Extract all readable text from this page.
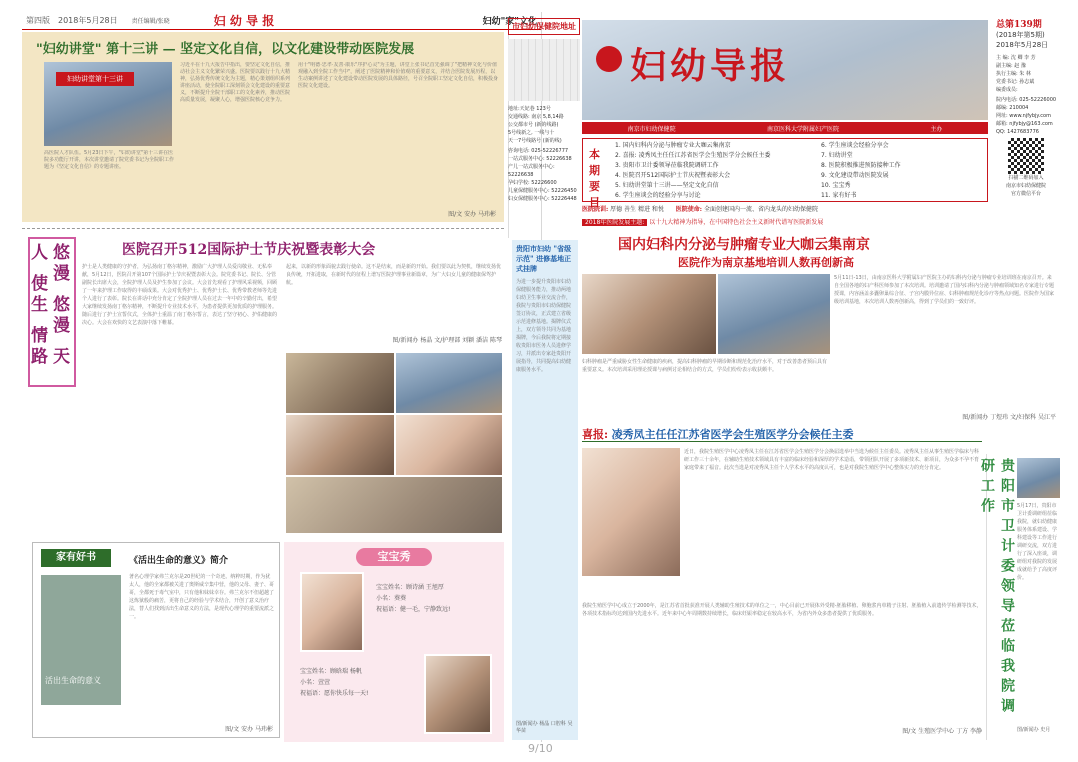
第四版 2018年5月28日 责任编辑/张晓	妇 幼 导 报	妇幼"家"文化
"妇幼讲堂" 第十三讲 — 坚定文化自信，以文化建设带动医院发展
妇幼讲堂第十三讲
习近平在十九大报告中指出，要坚定文化自信，推动社会主义文化繁荣兴盛。医院要以践行十九大精神，弘扬优秀传统文化为主题，精心策划组织系列讲座活动，使全院职工深刻领会文化建设的重要意义，不断提升全院干部职工的文化素养，推动医院高质量发展，凝聚人心，增强医院核心竞争力。
用十"明德·忠孝·友善·康乐"序护心灵"为主题，讲堂上张书记首先强调了"把精神文化与价值观融入到全院工作当中"，阐述了医院精神和价值观的重要意义，并结合医院发展历程，以生动案例讲述了文化建设带动医院发展的具体路径，号召全院职工坚定文化自信，积极投身医院文化建设。
高医院人才队伍。5月23日下午，"妇幼讲堂"第十三讲在医院多功能厅开讲，本次讲堂邀请了院党委书记为全院职工作题为《坚定文化自信》的专题讲座。
图/文 安办 马玮彬
医院召开512国际护士节庆祝暨表彰大会
悠漫 悠漫 天人 使生 情路	护士是人类健康的守护者，为弘扬南丁格尔精神，激励广大护理人员爱岗敬业、无私奉献，5月12日，医院召开第107个国际护士节庆祝暨表彰大会。院党委书记、院长、分管副院长出席大会，全院护理人员及护生参加了会议。大会首先观看了护理风采视频，回顾了一年来护理工作取得的丰硕成果。大会对优秀护士、优秀护士长、优秀带教老师等先进个人进行了表彰。院长在讲话中充分肯定了全院护理人员在过去一年中的辛勤付出，希望大家继续发扬南丁格尔精神，不断提升专业技术水平，为患者提供更加优质的护理服务。随后进行了护士宣誓仪式，全体护士重温了南丁格尔誓言，表达了坚守初心、护佑健康的决心。大会在欢快的文艺表演中落下帷幕。
起来，以新的形象面貌去践行使命。这不是结束，而是新的开始。我们要以此为契机，继续发扬优良传统，开拓进取，在新时代的征程上谱写医院护理事业新篇章，为广大妇女儿童的健康保驾护航。
图/新闻办 杨晶 文/护理部 刘颖 潘洁 陈琴
宝宝秀
宝宝姓名：顾诗涵 王旭厚
小名：葵葵
祝福语：健一毛，宁静致远!
宝宝姓名：顾晗瑞 杨帆
小名：萱萱
祝福语：愿你快乐每一天!
家有好书
活出生命的意义
《活出生命的意义》简介
著名心理学家弗兰克尔是20世纪的一个奇迹。纳粹时期，作为犹太人，他的全家都被关进了奥斯威辛集中营，他的父母、妻子、哥哥，全都死于毒气室中，只有他和妹妹幸存。弗兰克尔不但超越了这炼狱般的痛苦，更将自己的经验与学术结合，开创了意义治疗法，替人们找到活出生命意义的方法，是现代心理学的重要流派之一。
图/文 安办 马玮彬
市妇幼保健院地址
地址:天妃巷 123号
交通线路: 南京 5,8,14路
公交都市号 (新的线路)
5号线新之, 一线与十
天一7号线路号 (新的线)
咨询电话: 025-52226777
一站式服务中心: 52226638
产儿一站式服务中心: 52226638
孕妇学校: 52226600
儿童保健服务中心: 52226450
妇女保健服务中心: 52226448
妇幼导报
总第139期
(2018年第5期)
2018年5月28日
主 编: 沈 卿 李 芳
副主编: 赵 豫
执行主编: 朱 林
党委书记: 孙志斌
编委成员:
院内电话: 025-52226000
邮编: 210004
网址: www.njfybjy.com
邮箱: njfybjy@163.com
QQ: 1427683776
南京市妇幼保健院	南京医科大学附属妇产医院	主办
本期要目
1. 国内妇科内分泌与肿瘤专业大咖云集南京
2. 喜报: 凌秀凤主任任江苏省医学会生殖医学分会候任主委
3. 贵阳市卫计委领导莅临我院调研工作
4. 医院召开512国际护士节庆祝暨表彰大会
5. 妇幼讲堂第十三讲——坚定文化自信
6. 学生座谈会的经验分享与讨论
6. 学生座谈会经验分享会
7. 妇幼讲堂
8. 医院积极推进预防接种工作
9. 文化建设带动医院发展
10. 宝宝秀
11. 家有好书
扫描二维码加入
南京市妇幼保健院
官方微信平台
医院院训: 厚德 善生 精进 和悦 医院使命: 全面创建国内一流、省内龙头的妇幼保健院
2018年医院发展主题: 以十九大精神为指导，在中国特色社会主义新时代谱写医院新发展
国内妇科内分泌与肿瘤专业大咖云集南京
医院作为南京基地培训人数再创新高
5月11日-13日，由南京医科大学附属妇产医院主办的妇科内分泌与肿瘤专业培训班在南京召开。来自全国各地的妇产科医师参加了本次培训。培训邀请了国内妇科内分泌与肿瘤领域知名专家进行专题授课，内容涵盖多囊卵巢综合征、子宫内膜异位症、妇科肿瘤规范化诊疗等热点问题。医院作为国家级培训基地，本次培训人数再创新高，得到了学员们的一致好评。
妇科肿瘤是严重威胁女性生命健康的疾病，提高妇科肿瘤的早期诊断和规范化治疗水平，对于改善患者预后具有重要意义。本次培训采用理论授课与病例讨论相结合的方式，学员们纷纷表示收获颇丰。
图/新闻办 丁煜玮 文/妇保科 吴江平
喜报: 凌秀凤主任任江苏省医学会生殖医学分会候任主委
近日，我院生殖医学中心凌秀凤主任在江苏省医学会生殖医学分会换届选举中当选为候任主任委员。凌秀凤主任从事生殖医学临床与科研工作三十余年，在辅助生殖技术领域具有丰富的临床经验和深厚的学术造诣，带领团队开展了多项新技术、新项目，为众多不孕不育家庭带来了福音。此次当选是对凌秀凤主任个人学术水平的高度认可，也是对我院生殖医学中心整体实力的充分肯定。
我院生殖医学中心成立于2000年，是江苏省首批获准开展人类辅助生殖技术的单位之一，中心目前已开展体外受精-胚胎移植、卵胞浆内单精子注射、胚胎植入前遗传学检测等技术，各项技术指标均达到国内先进水平。近年来中心年周期数持续增长，临床妊娠率稳定在较高水平，为省内外众多患者提供了优质服务。
图/文 生殖医学中心 丁方 李静
贵阳市卫计委领导莅临我院调研工作	5月17日，贵阳市卫计委调研组莅临我院，就妇幼健康服务体系建设、学科建设等工作进行调研交流，双方进行了深入座谈，调研组对我院的发展成就给予了高度评价。
图/新闻办 史月
贵阳市妇幼 "省级示范" 进修基地正式挂牌
为进一步提升贵阳市妇幼保健服务能力，推动两地妇幼卫生事业交流合作，我院与贵阳市妇幼保健院签订协议，正式建立省级示范进修基地。揭牌仪式上，双方领导共同为基地揭牌，今后我院将定期接收贵阳市医务人员进修学习，并派出专家赴贵阳开展指导，共同提高妇幼健康服务水平。
图/新闻办 杨晶 口腔科 吴华苗
9/10
